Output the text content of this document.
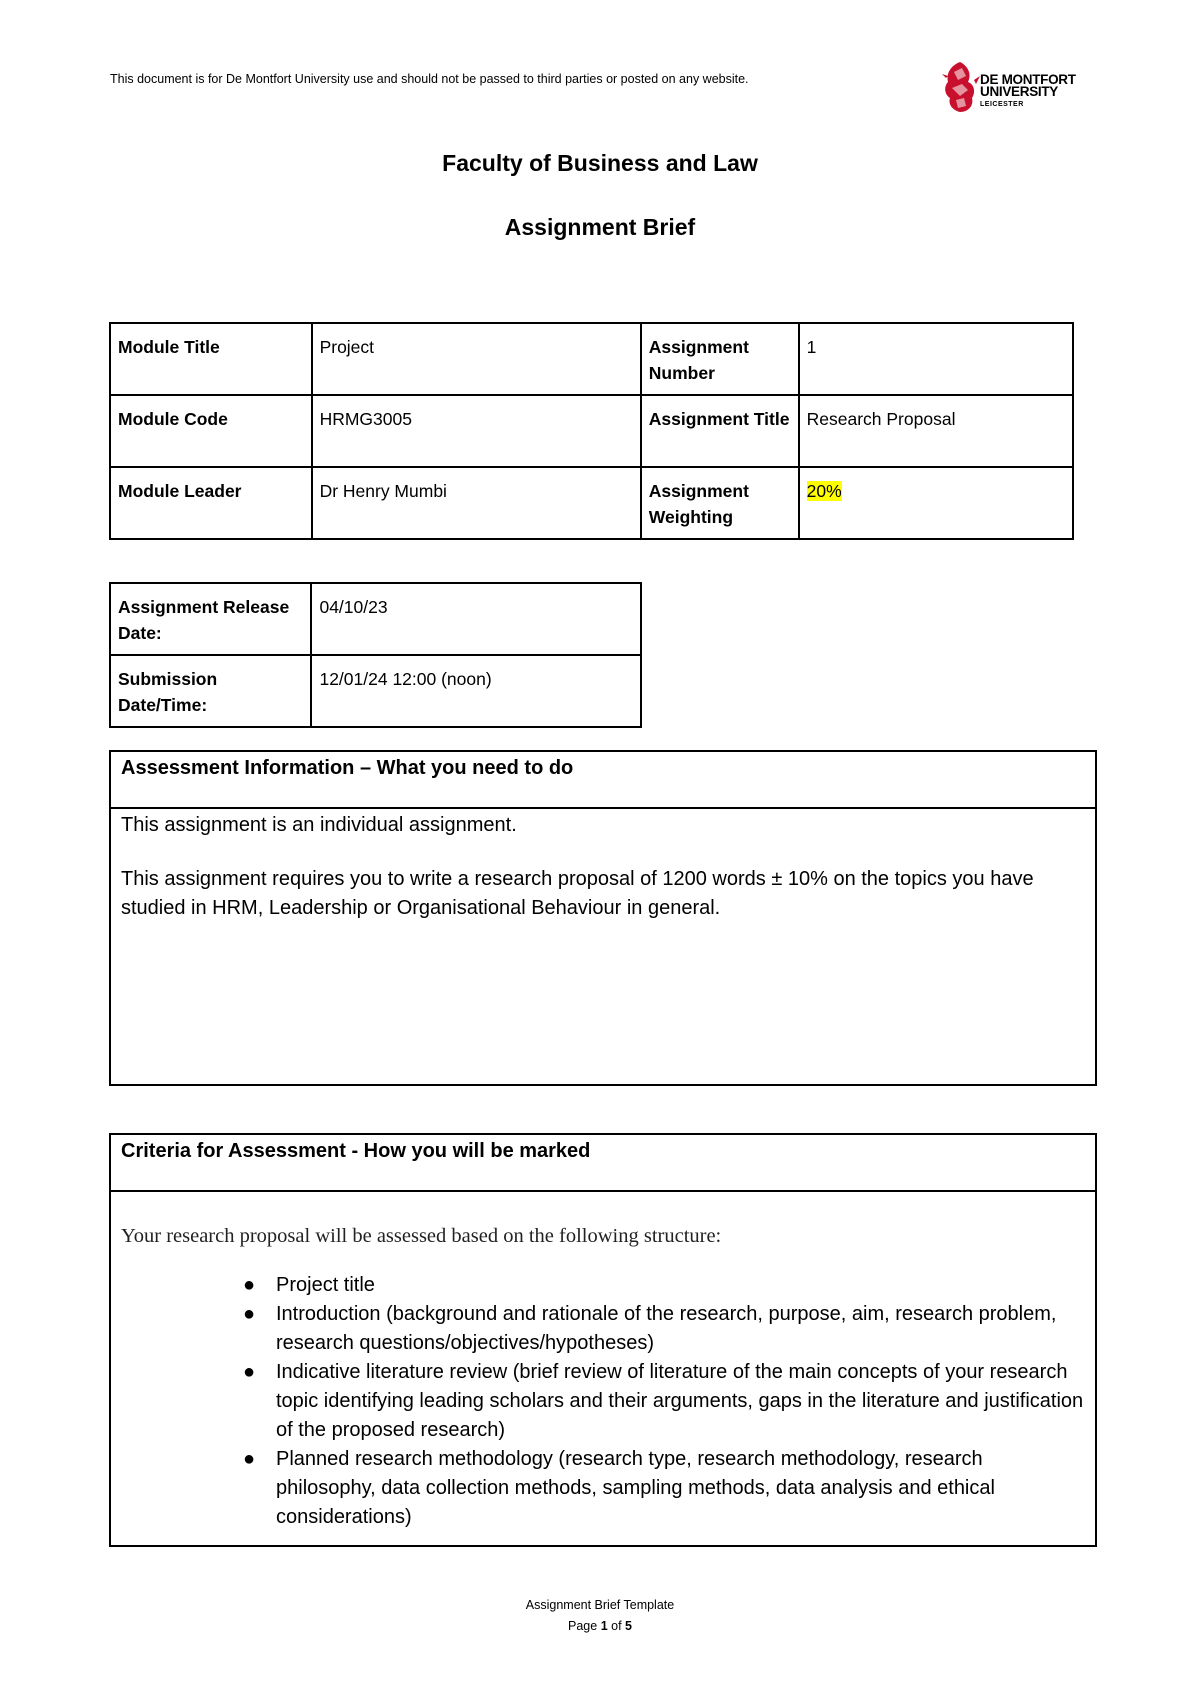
This document is for De Montfort University use and should not be passed to third parties or posted on any website.	DE MONTFORT
UNIVERSITY
LEICESTER
Faculty of Business and Law
Assignment Brief
Module Title	Project	Assignment Number	1
Module Code	HRMG3005	Assignment Title	Research Proposal
Module Leader	Dr Henry Mumbi	Assignment Weighting	20%
Assignment Release Date:	04/10/23
Submission Date/Time:	12/01/24 12:00 (noon)
Assessment Information – What you need to do

This assignment is an individual assignment.

This assignment requires you to write a research proposal of 1200 words ± 10% on the topics you have studied in HRM, Leadership or Organisational Behaviour in general.

Criteria for Assessment - How you will be marked

Your research proposal will be assessed based on the following structure:

● Project title
● Introduction (background and rationale of the research, purpose, aim, research problem, research questions/objectives/hypotheses)
● Indicative literature review (brief review of literature of the main concepts of your research topic identifying leading scholars and their arguments, gaps in the literature and justification of the proposed research)
● Planned research methodology (research type, research methodology, research philosophy, data collection methods, sampling methods, data analysis and ethical considerations)
Assignment Brief Template
Page 1 of 5
